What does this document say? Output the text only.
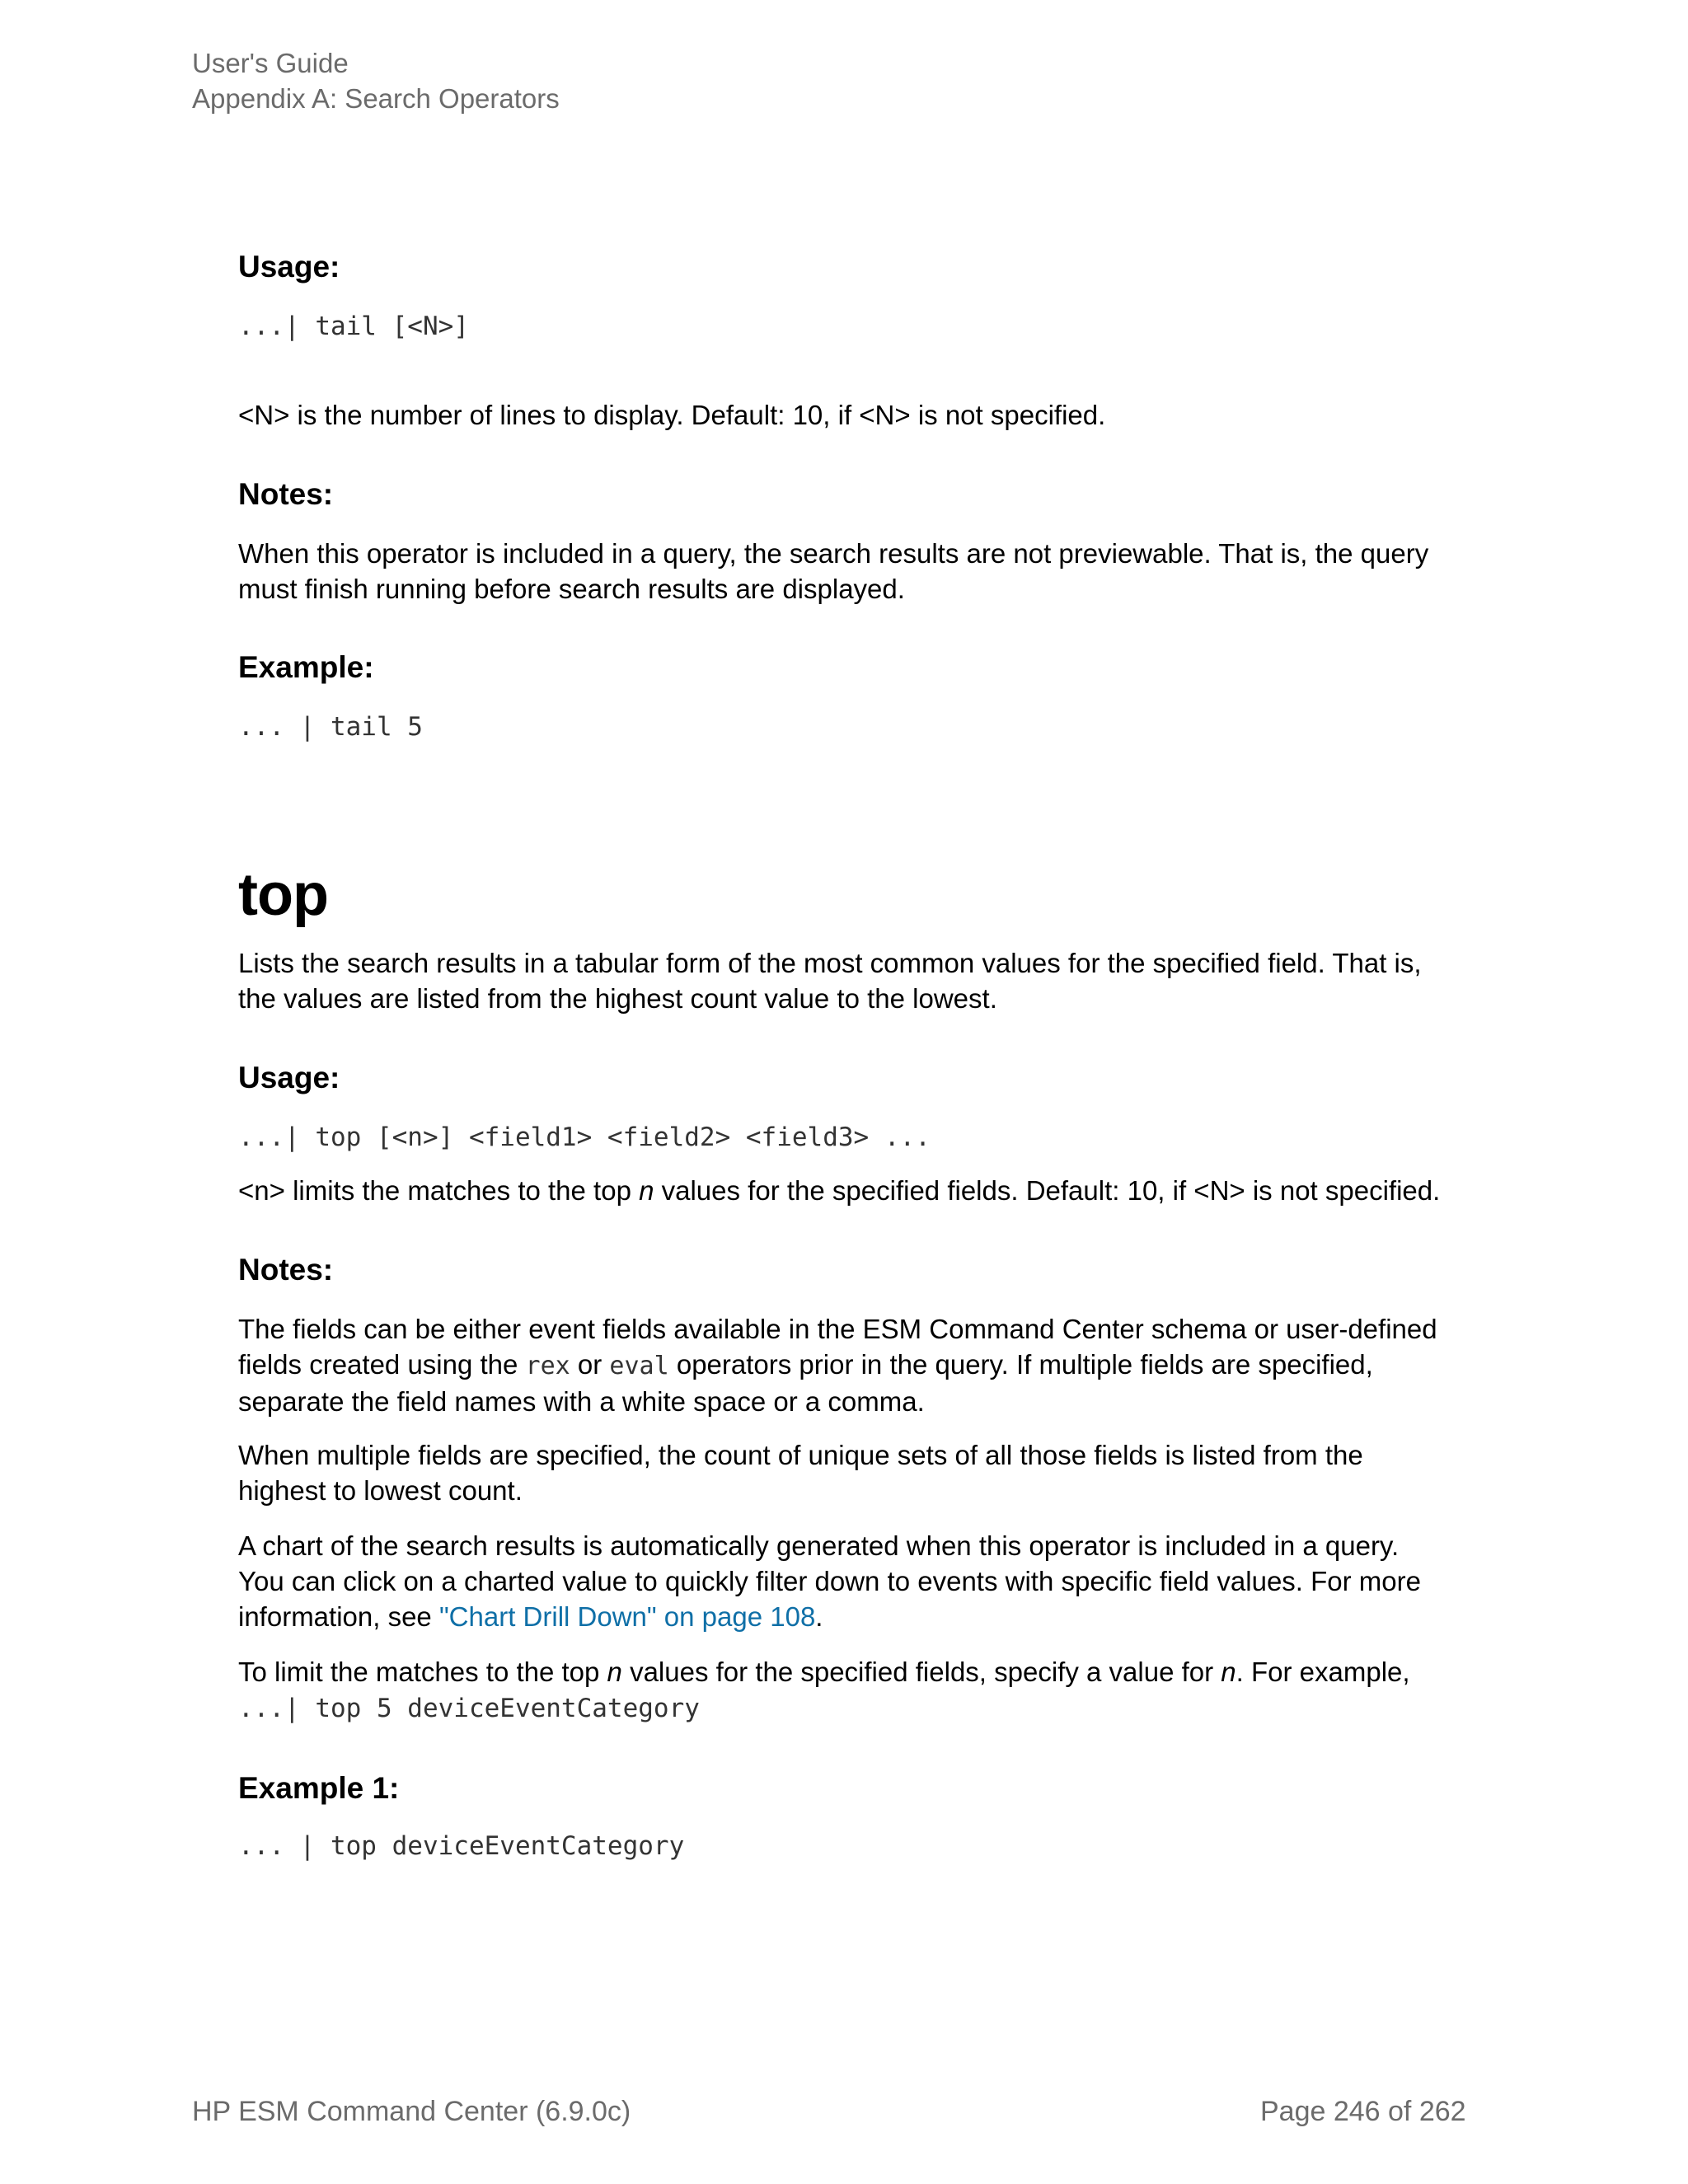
User's Guide
Appendix A: Search Operators

Usage:

...| tail [<N>]

<N> is the number of lines to display. Default: 10, if <N> is not specified.

Notes:

When this operator is included in a query, the search results are not previewable. That is, the query must finish running before search results are displayed.

Example:

... | tail 5

top

Lists the search results in a tabular form of the most common values for the specified field. That is, the values are listed from the highest count value to the lowest.

Usage:

...| top [<n>] <field1> <field2> <field3> ...

<n> limits the matches to the top n values for the specified fields. Default: 10, if <N> is not specified.

Notes:

The fields can be either event fields available in the ESM Command Center schema or user-defined fields created using the rex or eval operators prior in the query. If multiple fields are specified, separate the field names with a white space or a comma.

When multiple fields are specified, the count of unique sets of all those fields is listed from the highest to lowest count.

A chart of the search results is automatically generated when this operator is included in a query. You can click on a charted value to quickly filter down to events with specific field values. For more information, see "Chart Drill Down" on page 108.

To limit the matches to the top n values for the specified fields, specify a value for n. For example,
...| top 5 deviceEventCategory

Example 1:

... | top deviceEventCategory

HP ESM Command Center (6.9.0c)	Page 246 of 262
